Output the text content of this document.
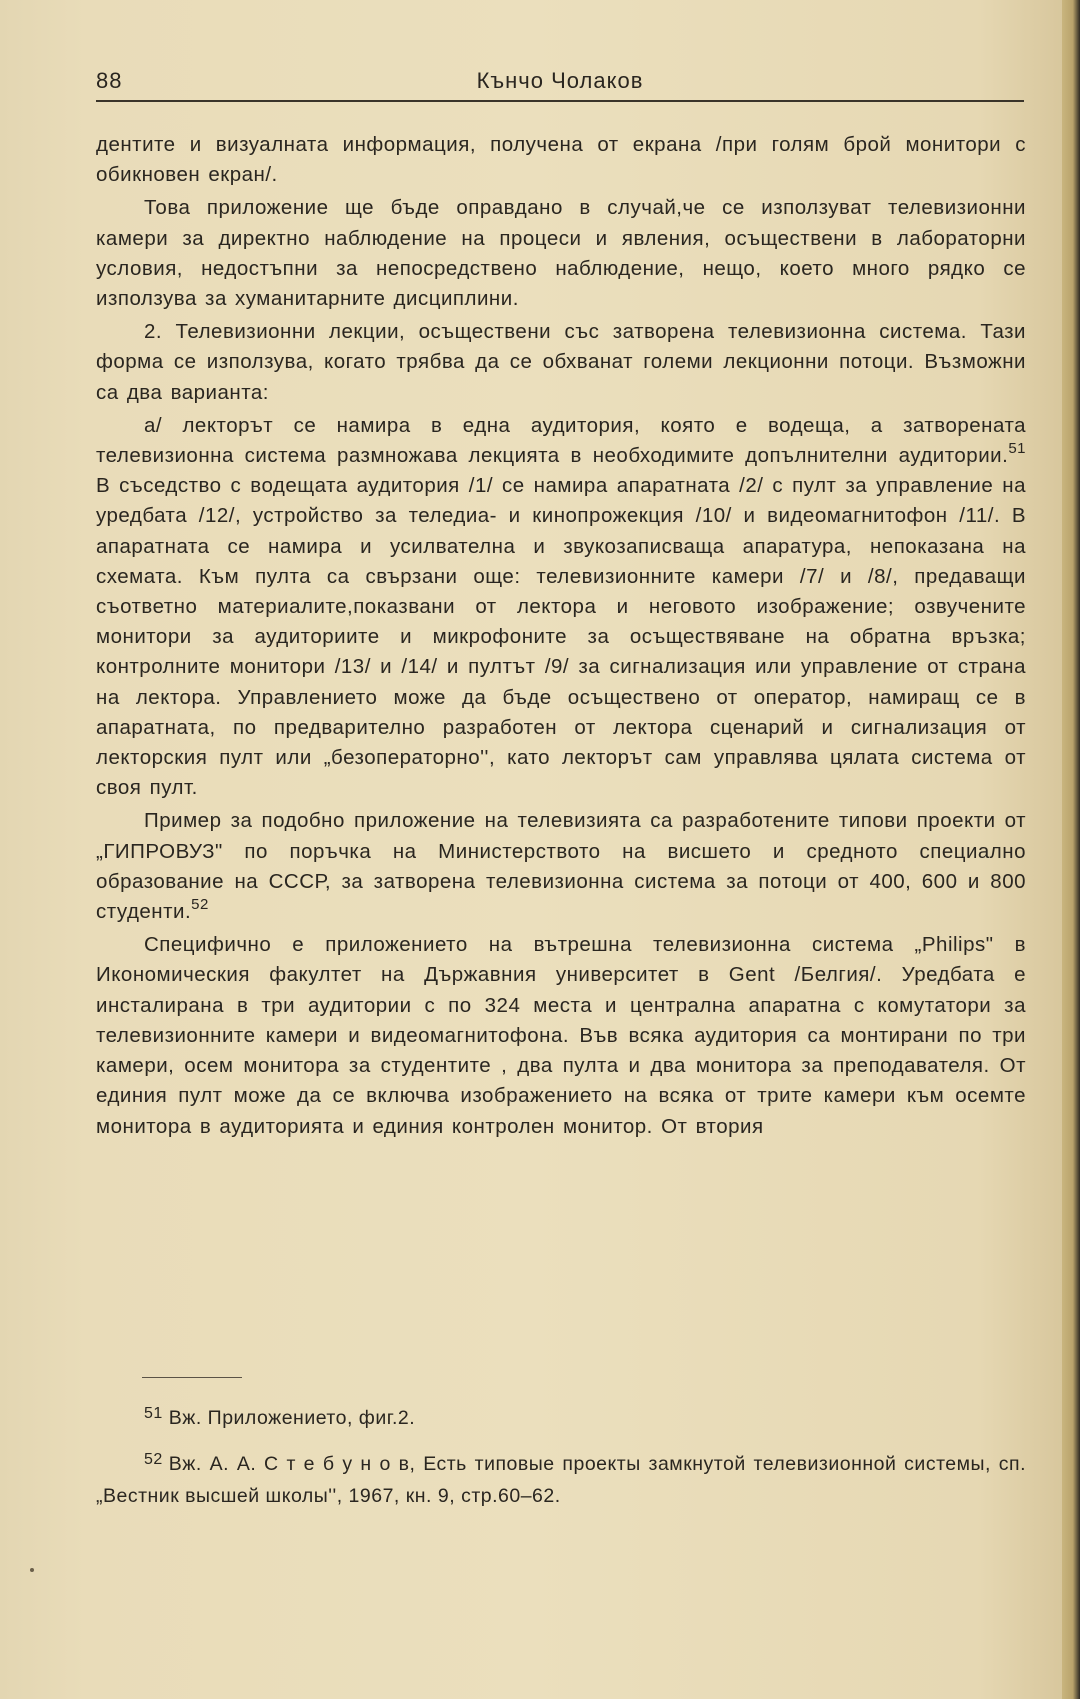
88	Кънчо Чолаков

дентите и визуалната информация, получена от екрана /при голям брой монитори с обикновен екран/.

Това приложение ще бъде оправдано в случай,че се използуват телевизионни камери за директно наблюдение на процеси и явления, осъществени в лабораторни условия, недостъпни за непосредствено наблюдение, нещо, което много рядко се използува за хуманитарните дисциплини.

2. Телевизионни лекции, осъществени със затворена телевизионна система. Тази форма се използува, когато трябва да се обхванат големи лекционни потоци. Възможни са два варианта:

а/ лекторът се намира в една аудитория, която е водеща, а затворената телевизионна система размножава лекцията в необходимите допълнителни аудитории.$^{51}$ В съседство с водещата аудитория /1/ се намира апаратната /2/ с пулт за управление на уредбата /12/, устройство за теледиа- и кинопрожекция /10/ и видеомагнитофон /11/. В апаратната се намира и усилвателна и звукозаписваща апаратура, непоказана на схемата. Към пулта са свързани още: телевизионните камери /7/ и /8/, предаващи съответно материалите,показвани от лектора и неговото изображение; озвучените монитори за аудиториите и микрофоните за осъществяване на обратна връзка; контролните монитори /13/ и /14/ и пултът /9/ за сигнализация или управление от страна на лектора. Управлението може да бъде осъществено от оператор, намиращ се в апаратната, по предварително разработен от лектора сценарий и сигнализация от лекторския пулт или „безоператорно'', като лекторът сам управлява цялата система от своя пулт.

Пример за подобно приложение на телевизията са разработените типови проекти от „ГИПРОВУЗ" по поръчка на Министерството на висшето и средното специално образование на СССР, за затворена телевизионна система за потоци от 400, 600 и 800 студенти.$^{52}$

Специфично е приложението на вътрешна телевизионна система „Philips" в Икономическия факултет на Държавния университет в Gent /Белгия/. Уредбата е инсталирана в три аудитории с по 324 места и централна апаратна с комутатори за телевизионните камери и видеомагнитофона. Във всяка аудитория са монтирани по три камери, осем монитора за студентите , два пулта и два монитора за преподавателя. От единия пулт може да се включва изображението на всяка от трите камери към осемте монитора в аудиторията и единия контролен монитор. От втория

$^{51}$ Вж. Приложението, фиг.2.

$^{52}$ Вж. А. А. С т е б у н о в, Есть типовые проекты замкнутой телевизионной системы, сп. „Вестник высшей школы'', 1967, кн. 9, стр.60–62.
